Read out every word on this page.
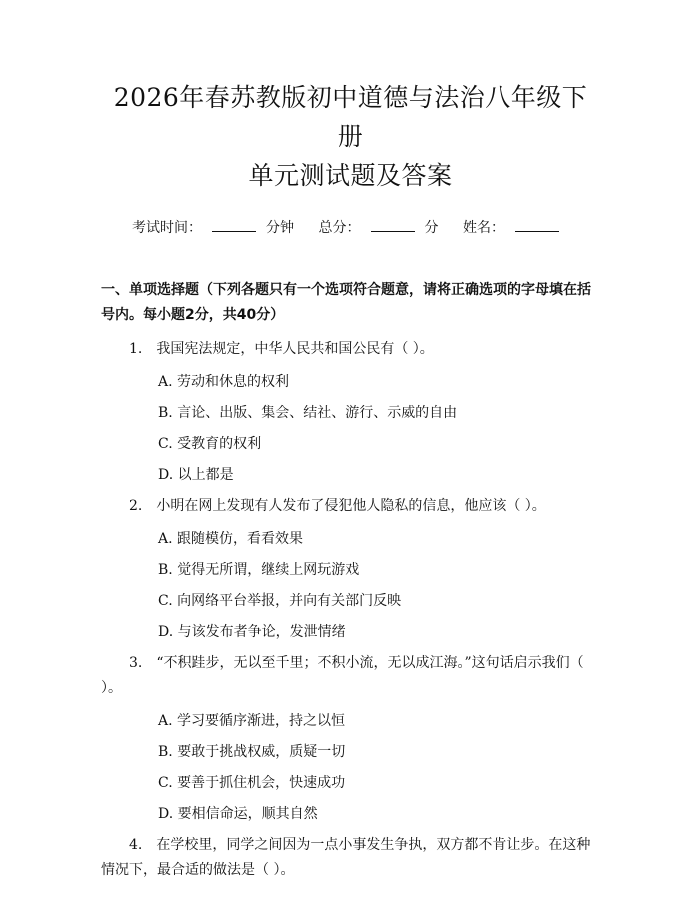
2026年春苏教版初中道德与法治八年级下册
单元测试题及答案
考试时间：	分钟 总分：	分 姓名：
一、单项选择题（下列各题只有一个选项符合题意，请将正确选项的字母填在括号内。每小题2分，共40分）
1.　我国宪法规定，中华人民共和国公民有（ ）。
A. 劳动和休息的权利
B. 言论、出版、集会、结社、游行、示威的自由
C. 受教育的权利
D. 以上都是
2.　小明在网上发现有人发布了侵犯他人隐私的信息，他应该（ ）。
A. 跟随模仿，看看效果
B. 觉得无所谓，继续上网玩游戏
C. 向网络平台举报，并向有关部门反映
D. 与该发布者争论，发泄情绪
3.　“不积跬步，无以至千里；不积小流，无以成江海。”这句话启示我们（ ）。
A. 学习要循序渐进，持之以恒
B. 要敢于挑战权威，质疑一切
C. 要善于抓住机会，快速成功
D. 要相信命运，顺其自然
4.　在学校里，同学之间因为一点小事发生争执，双方都不肯让步。在这种情况下，最合适的做法是（ ）。
